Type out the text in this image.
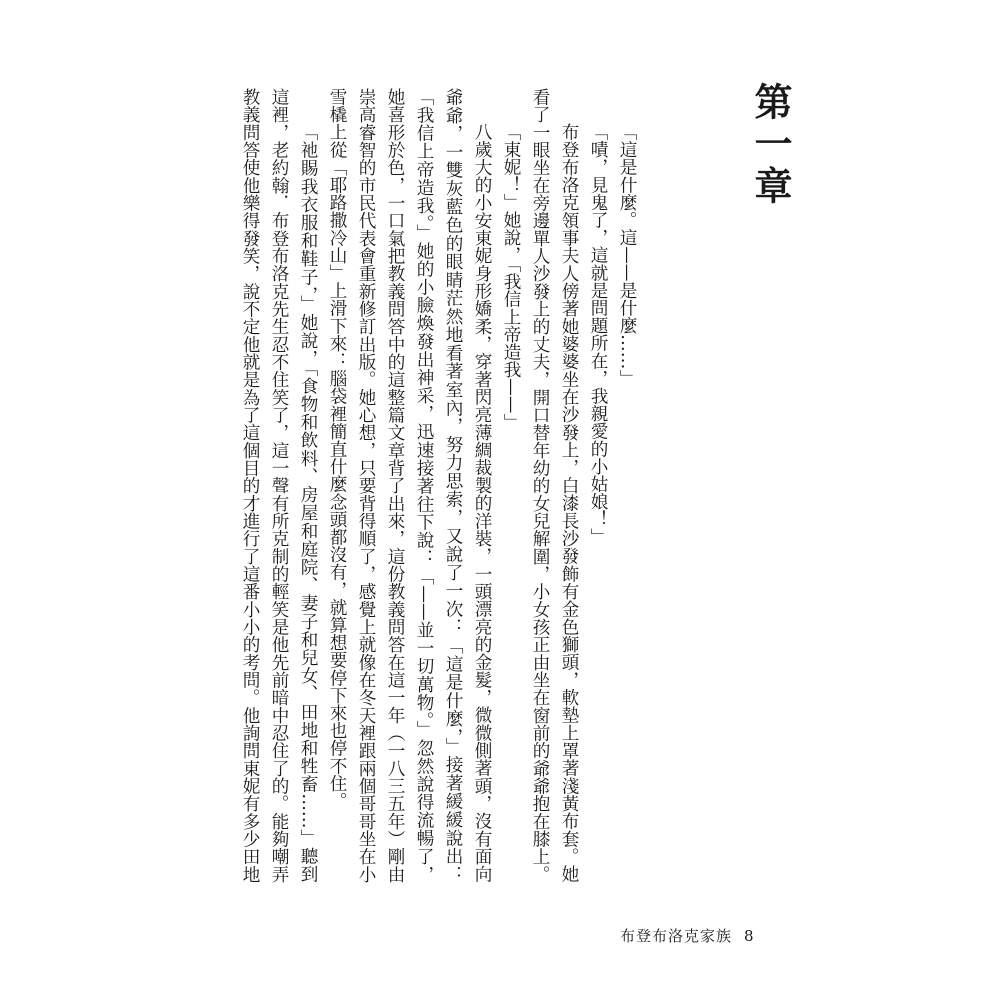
第一章
「這是什麼。這——是什麼……」
「嘖，見鬼了，這就是問題所在，我親愛的小姑娘！」
布登布洛克領事夫人傍著她婆婆坐在沙發上，白漆長沙發飾有金色獅頭，軟墊上罩著淺黃布套。她
看了一眼坐在旁邊單人沙發上的丈夫，開口替年幼的女兒解圍，小女孩正由坐在窗前的爺爺抱在膝上。
「東妮！」她說，「我信上帝造我——」
八歲大的小安東妮身形嬌柔，穿著閃亮薄綢裁製的洋裝，一頭漂亮的金髮，微微側著頭，沒有面向
爺爺，一雙灰藍色的眼睛茫然地看著室內，努力思索，又說了一次：「這是什麼，」接著緩緩說出：
「我信上帝造我。」她的小臉煥發出神采，迅速接著往下說：「——並一切萬物。」忽然說得流暢了，
她喜形於色，一口氣把教義問答中的這整篇文章背了出來，這份教義問答在這一年（一八三五年）剛由
崇高睿智的市民代表會重新修訂出版。她心想，只要背得順了，感覺上就像在冬天裡跟兩個哥哥坐在小
雪橇上從「耶路撒冷山」上滑下來：腦袋裡簡直什麼念頭都沒有，就算想要停下來也停不住。
「祂賜我衣服和鞋子，」她說，「食物和飲料、房屋和庭院、妻子和兒女、田地和牲畜……」聽到
這裡，老約翰．布登布洛克先生忍不住笑了，這一聲有所克制的輕笑是他先前暗中忍住了的。能夠嘲弄
教義問答使他樂得發笑，說不定他就是為了這個目的才進行了這番小小的考問。他詢問東妮有多少田地
布登布洛克家族 8
